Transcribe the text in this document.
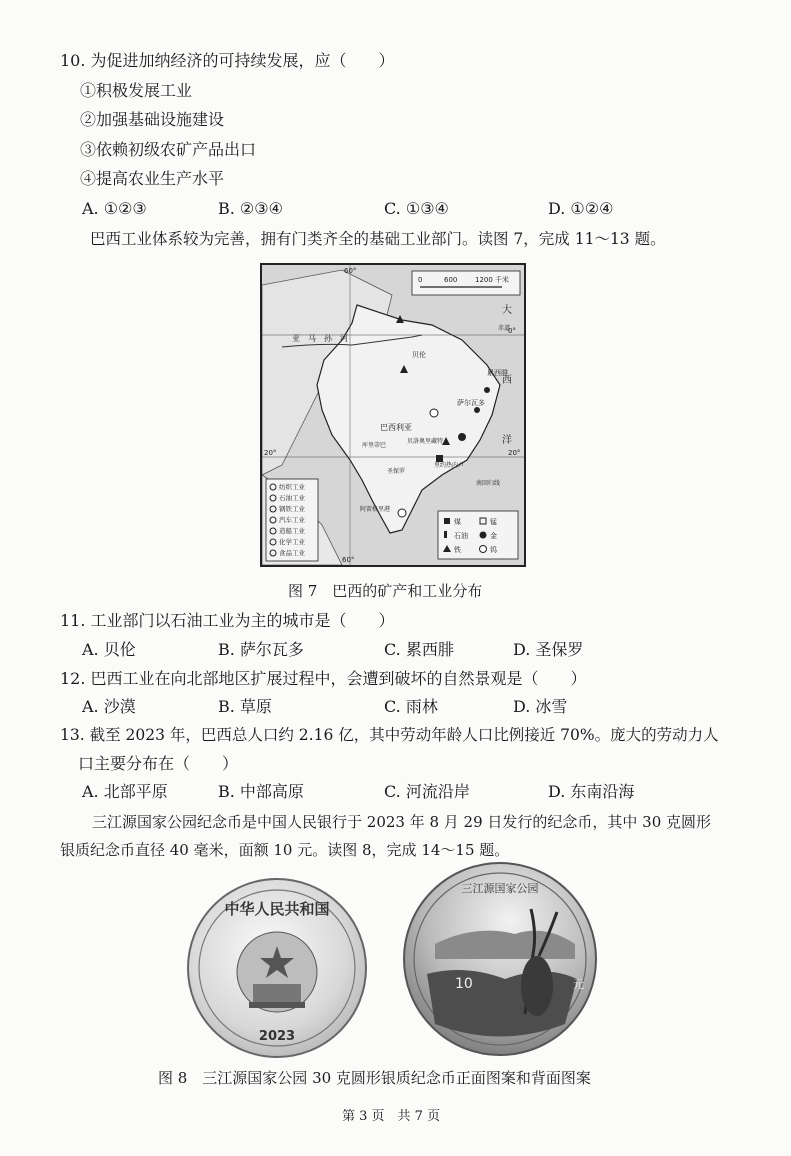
10. 为促进加纳经济的可持续发展，应（　　）
①积极发展工业
②加强基础设施建设
③依赖初级农矿产品出口
④提高农业生产水平
A. ①②③	B. ②③④	C. ①③④	D. ①②④
巴西工业体系较为完善，拥有门类齐全的基础工业部门。读图 7，完成 11～13 题。
0	600	1200 千米
60°
0°
20°	20°
60°
亚　马　孙　河
贝伦
累西腓
萨尔瓦多
巴西利亚
贝洛奥里藏特
里约热内卢
圣保罗
库里蒂巴
阿雷格里港
赤道
南回归线
大
西
洋
纺织工业
石油工业
钢铁工业
汽车工业
造船工业
化学工业
食品工业
煤	锰
石油	金
铁	钨
图 7　巴西的矿产和工业分布
11. 工业部门以石油工业为主的城市是（　　）
A. 贝伦	B. 萨尔瓦多	C. 累西腓	D. 圣保罗
12. 巴西工业在向北部地区扩展过程中，会遭到破坏的自然景观是（　　）
A. 沙漠	B. 草原	C. 雨林	D. 冰雪
13. 截至 2023 年，巴西总人口约 2.16 亿，其中劳动年龄人口比例接近 70%。庞大的劳动力人
口主要分布在（　　）
A. 北部平原	B. 中部高原	C. 河流沿岸	D. 东南沿海
三江源国家公园纪念币是中国人民银行于 2023 年 8 月 29 日发行的纪念币，其中 30 克圆形
银质纪念币直径 40 毫米，面额 10 元。读图 8，完成 14～15 题。
中华人民共和国
2023
三江源国家公园
10	元
图 8　三江源国家公园 30 克圆形银质纪念币正面图案和背面图案
第 3 页　共 7 页
